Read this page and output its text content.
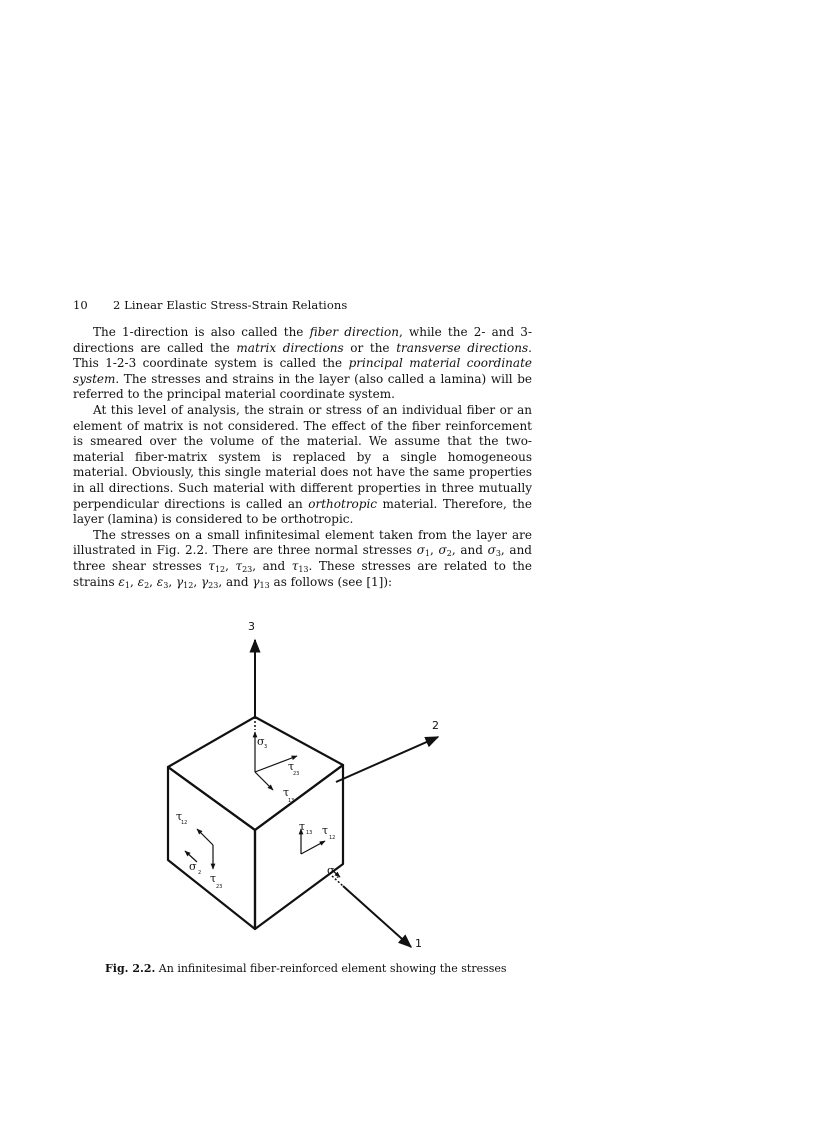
10 2 Linear Elastic Stress-Strain Relations

The 1-direction is also called the fiber direction, while the 2- and 3-directions are called the matrix directions or the transverse directions. This 1-2-3 coordinate system is called the principal material coordinate system. The stresses and strains in the layer (also called a lamina) will be referred to the principal material coordinate system.

At this level of analysis, the strain or stress of an individual fiber or an element of matrix is not considered. The effect of the fiber reinforcement is smeared over the volume of the material. We assume that the two-material fiber-matrix system is replaced by a single homogeneous material. Obviously, this single material does not have the same properties in all directions. Such material with different properties in three mutually perpendicular directions is called an orthotropic material. Therefore, the layer (lamina) is considered to be orthotropic.

The stresses on a small infinitesimal element taken from the layer are illustrated in Fig. 2.2. There are three normal stresses $\sigma_1$, $\sigma_2$, and $\sigma_3$, and three shear stresses $\tau_{12}$, $\tau_{23}$, and $\tau_{13}$. These stresses are related to the strains $\varepsilon_1$, $\varepsilon_2$, $\varepsilon_3$, $\gamma_{12}$, $\gamma_{23}$, and $\gamma_{13}$ as follows (see [1]):

3
2
1
σ 3
τ
23
τ
13
τ
12
σ 2 τ
23
τ 13 τ
12
σ 1
Fig. 2.2. An infinitesimal fiber-reinforced element showing the stresses
